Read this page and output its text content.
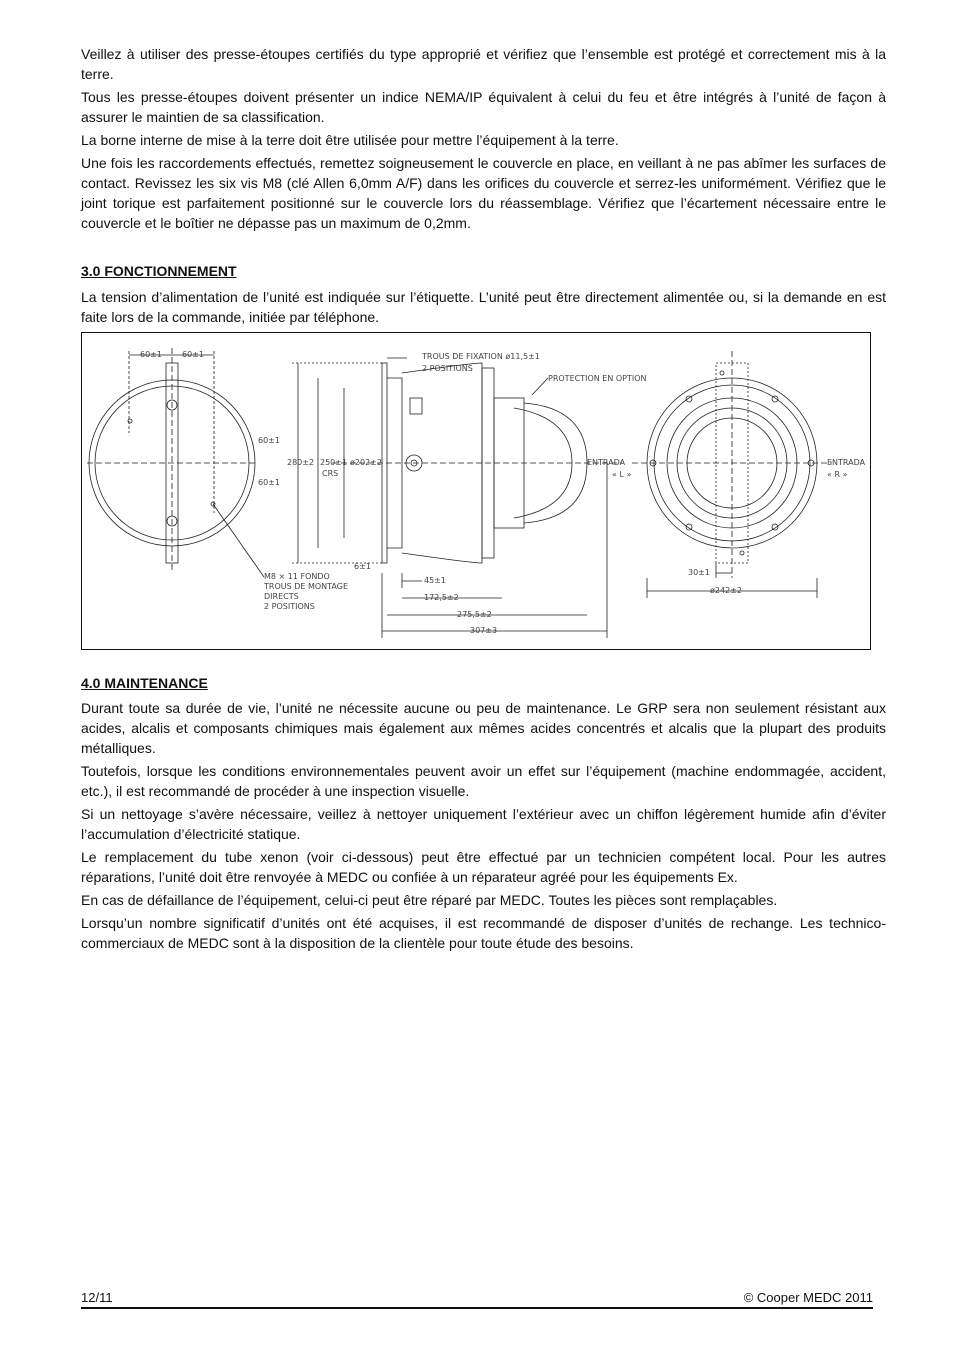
Veillez à utiliser des presse-étoupes certifiés du type approprié et vérifiez que l’ensemble est protégé et correctement mis à la terre.

Tous les presse-étoupes doivent présenter un indice NEMA/IP équivalent à celui du feu et être intégrés à l’unité de façon à assurer le maintien de sa classification.

La borne interne de mise à la terre doit être utilisée pour mettre l’équipement à la terre.

Une fois les raccordements effectués, remettez soigneusement le couvercle en place, en veillant à ne pas abîmer les surfaces de contact. Revissez les six vis M8 (clé Allen 6,0mm A/F) dans les orifices du couvercle et serrez-les uniformément. Vérifiez que le joint torique est parfaitement positionné sur le couvercle lors du réassemblage. Vérifiez que l’écartement nécessaire entre le couvercle et le boîtier ne dépasse pas un maximum de 0,2mm.

3.0 FONCTIONNEMENT

La tension d’alimentation de l’unité est indiquée sur l’étiquette. L’unité peut être directement alimentée ou, si la demande en est faite lors de la commande, initiée par téléphone.

60±1	60±1
60±1
60±1
M8 × 11 FONDO
TROUS DE MONTAGE
DIRECTS
2 POSITIONS
TROUS DE FIXATION ø11,5±1
2 POSITIONS
PROTECTION EN OPTION
280±2 250±1 ø202±2
CRS
6±1
45±1
172,5±2
275,5±2
307±3
ENTRADA
« L »
ENTRADA
« R »
30±1
ø242±2
4.0 MAINTENANCE

Durant toute sa durée de vie, l’unité ne nécessite aucune ou peu de maintenance. Le GRP sera non seulement résistant aux acides, alcalis et composants chimiques mais également aux mêmes acides concentrés et alcalis que la plupart des produits métalliques.

Toutefois, lorsque les conditions environnementales peuvent avoir un effet sur l’équipement (machine endommagée, accident, etc.), il est recommandé de procéder à une inspection visuelle.

Si un nettoyage s’avère nécessaire, veillez à nettoyer uniquement l’extérieur avec un chiffon légèrement humide afin d’éviter l’accumulation d’électricité statique.

Le remplacement du tube xenon (voir ci-dessous) peut être effectué par un technicien compétent local. Pour les autres réparations, l’unité doit être renvoyée à MEDC ou confiée à un réparateur agréé pour les équipements Ex.

En cas de défaillance de l’équipement, celui-ci peut être réparé par MEDC. Toutes les pièces sont remplaçables.

Lorsqu’un nombre significatif d’unités ont été acquises, il est recommandé de disposer d’unités de rechange. Les technico-commerciaux de MEDC sont à la disposition de la clientèle pour toute étude des besoins.

12/11	© Cooper MEDC 2011
